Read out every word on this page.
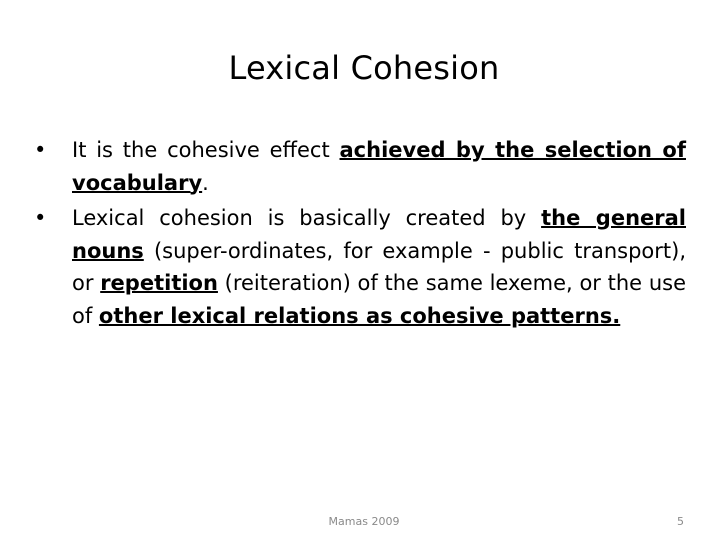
Lexical Cohesion
• It is the cohesive effect achieved by the selection of vocabulary.
• Lexical cohesion is basically created by the general nouns (super-ordinates, for example - public transport), or repetition (reiteration) of the same lexeme, or the use of other lexical relations as cohesive patterns.
Mamas 2009	5
